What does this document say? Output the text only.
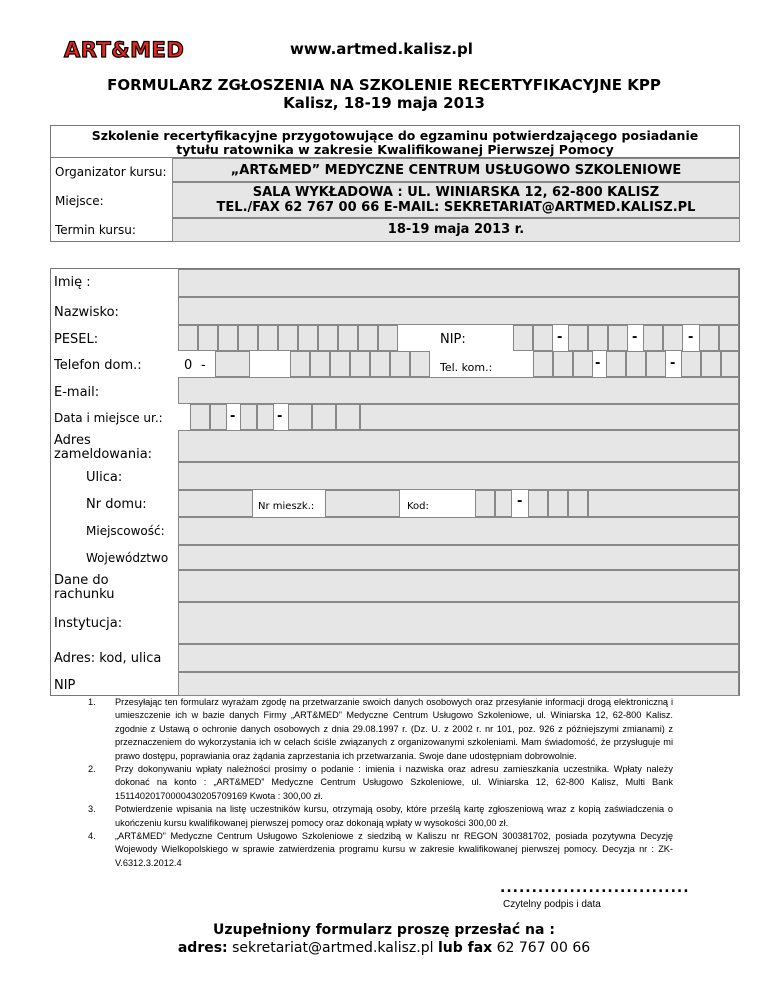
ART&MED	www.artmed.kalisz.pl
FORMULARZ ZGŁOSZENIA NA SZKOLENIE RECERTYFIKACYJNE KPP
Kalisz, 18-19 maja 2013
Szkolenie recertyfikacyjne przygotowujące do egzaminu potwierdzającego posiadanie
tytułu ratownika w zakresie Kwalifikowanej Pierwszej Pomocy
Organizator kursu:	„ART&MED” MEDYCZNE CENTRUM USŁUGOWO SZKOLENIOWE
Miejsce:
SALA WYKŁADOWA : UL. WINIARSKA 12, 62-800 KALISZ
TEL./FAX 62 767 00 66 E-MAIL: SEKRETARIAT@ARTMED.KALISZ.PL
Termin kursu:	18-19 maja 2013 r.
Imię :
Nazwisko:
PESEL:	NIP:	-	-	-
Telefon dom.:	0 -	Tel. kom.:	-	-
E-mail:
Data i miejsce ur.:	-	-
Adres
zameldowania:
Ulica:
Nr domu:	Nr mieszk.:	Kod:	-
Miejscowość:
Województwo
Dane do
rachunku
Instytucja:
Adres: kod, ulica
NIP
1. Przesyłając ten formularz wyrażam zgodę na przetwarzanie swoich danych osobowych oraz przesyłanie informacji drogą elektroniczną i umieszczenie ich w bazie danych Firmy „ART&MED” Medyczne Centrum Usługowo Szkoleniowe, ul. Winiarska 12, 62-800 Kalisz. zgodnie z Ustawą o ochronie danych osobowych z dnia 29.08.1997 r. (Dz. U. z 2002 r. nr 101, poz. 926 z późniejszymi zmianami) z przeznaczeniem do wykorzystania ich w celach ściśle związanych z organizowanymi szkoleniami. Mam świadomość, że przysługuje mi prawo dostępu, poprawiania oraz żądania zaprzestania ich przetwarzania. Swoje dane udostępniam dobrowolnie.
2. Przy dokonywaniu wpłaty należności prosimy o podanie : imienia i nazwiska oraz adresu zamieszkania uczestnika. Wpłaty należy dokonać na konto : „ART&MED” Medyczne Centrum Usługowo Szkoleniowe, ul. Winiarska 12, 62-800 Kalisz, Multi Bank 15114020170000430205709169 Kwota : 300,00 zł.
3. Potwierdzenie wpisania na listę uczestników kursu, otrzymają osoby, które prześlą kartę zgłoszeniową wraz z kopią zaświadczenia o ukończeniu kursu kwalifikowanej pierwszej pomocy oraz dokonają wpłaty w wysokości 300,00 zł.
4. „ART&MED” Medyczne Centrum Usługowo Szkoleniowe z siedzibą w Kaliszu nr REGON 300381702, posiada pozytywna Decyzję Wojewody Wielkopolskiego w sprawie zatwierdzenia programu kursu w zakresie kwalifikowanej pierwszej pomocy. Decyzja nr : ZK-V.6312.3.2012.4
..............................
Czytelny podpis i data
Uzupełniony formularz proszę przesłać na :
adres: sekretariat@artmed.kalisz.pl lub fax 62 767 00 66
